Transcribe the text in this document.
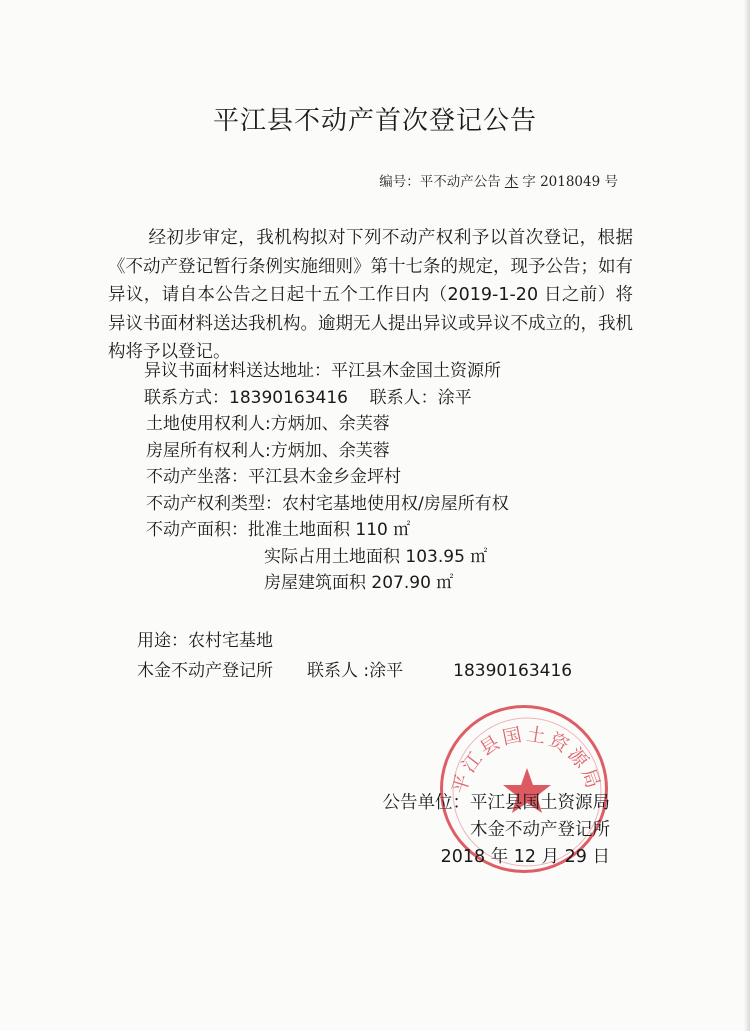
平江县不动产首次登记公告
编号：平不动产公告 木 字 2018049 号
经初步审定，我机构拟对下列不动产权利予以首次登记，根据《不动产登记暂行条例实施细则》第十七条的规定，现予公告；如有异议，请自本公告之日起十五个工作日内（2019-1-20 日之前）将异议书面材料送达我机构。逾期无人提出异议或异议不成立的，我机构将予以登记。
异议书面材料送达地址：平江县木金国土资源所
联系方式：18390163416 联系人：涂平
土地使用权利人:方炳加、余芙蓉
房屋所有权利人:方炳加、余芙蓉
不动产坐落：平江县木金乡金坪村
不动产权利类型：农村宅基地使用权/房屋所有权
不动产面积：批准土地面积 110 ㎡
实际占用土地面积 103.95 ㎡
房屋建筑面积 207.90 ㎡
用途：农村宅基地
木金不动产登记所 联系人 :涂平	18390163416
平江县国土资源局
公告单位：平江县国土资源局
木金不动产登记所
2018 年 12 月 29 日
